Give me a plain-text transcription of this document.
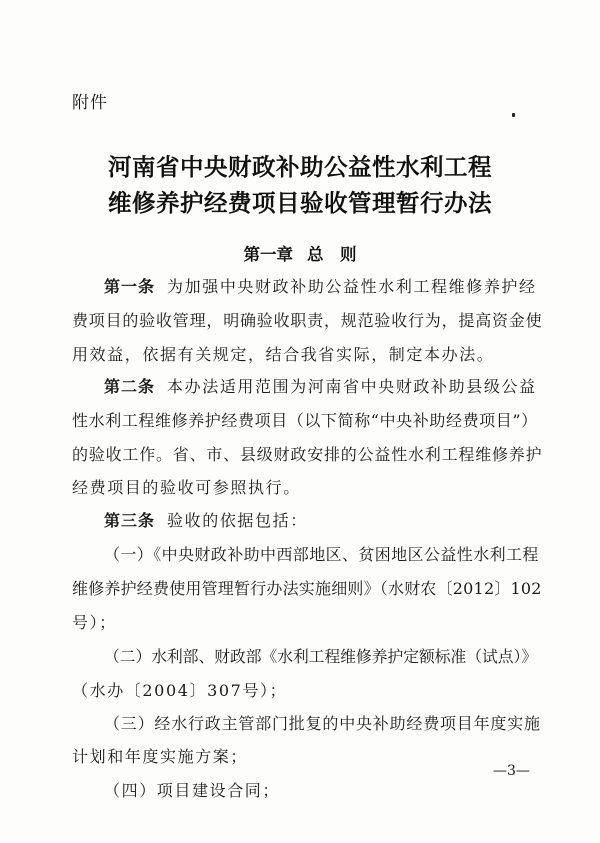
附件
河南省中央财政补助公益性水利工程
维修养护经费项目验收管理暂行办法
第一章 总　则
第一条 为加强中央财政补助公益性水利工程维修养护经
费项目的验收管理，明确验收职责，规范验收行为，提高资金使
用效益，依据有关规定，结合我省实际，制定本办法。
第二条 本办法适用范围为河南省中央财政补助县级公益
性水利工程维修养护经费项目（以下简称“中央补助经费项目”）
的验收工作。省、市、县级财政安排的公益性水利工程维修养护
经费项目的验收可参照执行。
第三条 验收的依据包括：
（一）《中央财政补助中西部地区、贫困地区公益性水利工程
维修养护经费使用管理暂行办法实施细则》（水财农〔2012〕102
号）；
（二）水利部、财政部《水利工程维修养护定额标准（试点）》
（水办〔2004〕307号）；
（三）经水行政主管部门批复的中央补助经费项目年度实施
计划和年度实施方案；
（四）项目建设合同；
—3—
